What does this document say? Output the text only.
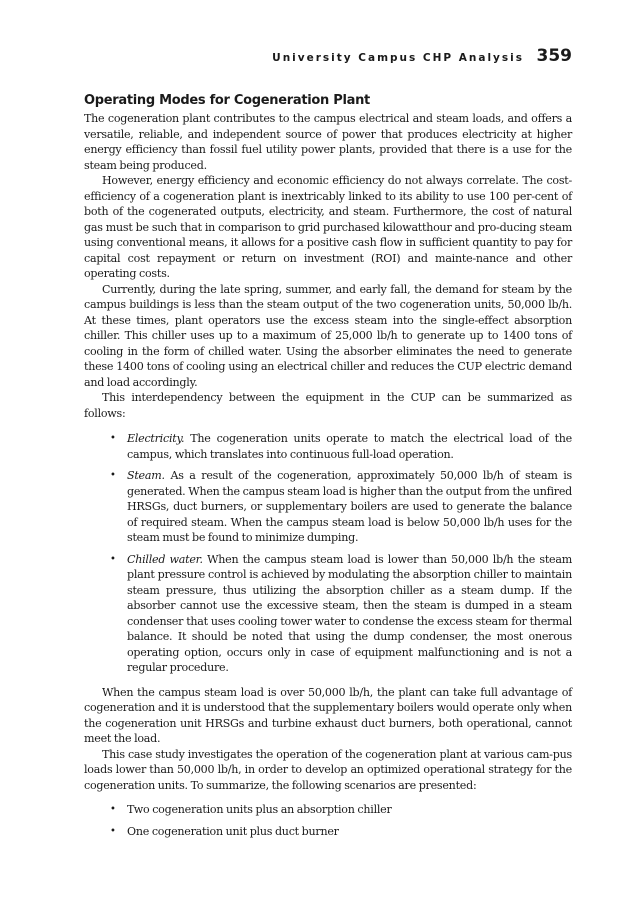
University Campus CHP Analysis 359
Operating Modes for Cogeneration Plant

The cogeneration plant contributes to the campus electrical and steam loads, and offers a versatile, reliable, and independent source of power that produces electricity at higher energy efficiency than fossil fuel utility power plants, provided that there is a use for the steam being produced.

However, energy efficiency and economic efficiency do not always correlate. The cost-efficiency of a cogeneration plant is inextricably linked to its ability to use 100 per-cent of both of the cogenerated outputs, electricity, and steam. Furthermore, the cost of natural gas must be such that in comparison to grid purchased kilowatthour and pro-ducing steam using conventional means, it allows for a positive cash flow in sufficient quantity to pay for capital cost repayment or return on investment (ROI) and mainte-nance and other operating costs.

Currently, during the late spring, summer, and early fall, the demand for steam by the campus buildings is less than the steam output of the two cogeneration units, 50,000 lb/h. At these times, plant operators use the excess steam into the single-effect absorption chiller. This chiller uses up to a maximum of 25,000 lb/h to generate up to 1400 tons of cooling in the form of chilled water. Using the absorber eliminates the need to generate these 1400 tons of cooling using an electrical chiller and reduces the CUP electric demand and load accordingly.

This interdependency between the equipment in the CUP can be summarized as follows:

• Electricity. The cogeneration units operate to match the electrical load of the campus, which translates into continuous full-load operation.
• Steam. As a result of the cogeneration, approximately 50,000 lb/h of steam is generated. When the campus steam load is higher than the output from the unfired HRSGs, duct burners, or supplementary boilers are used to generate the balance of required steam. When the campus steam load is below 50,000 lb/h uses for the steam must be found to minimize dumping.
• Chilled water. When the campus steam load is lower than 50,000 lb/h the steam plant pressure control is achieved by modulating the absorption chiller to maintain steam pressure, thus utilizing the absorption chiller as a steam dump. If the absorber cannot use the excessive steam, then the steam is dumped in a steam condenser that uses cooling tower water to condense the excess steam for thermal balance. It should be noted that using the dump condenser, the most onerous operating option, occurs only in case of equipment malfunctioning and is not a regular procedure.

When the campus steam load is over 50,000 lb/h, the plant can take full advantage of cogeneration and it is understood that the supplementary boilers would operate only when the cogeneration unit HRSGs and turbine exhaust duct burners, both operational, cannot meet the load.

This case study investigates the operation of the cogeneration plant at various cam-pus loads lower than 50,000 lb/h, in order to develop an optimized operational strategy for the cogeneration units. To summarize, the following scenarios are presented:

• Two cogeneration units plus an absorption chiller
• One cogeneration unit plus duct burner
